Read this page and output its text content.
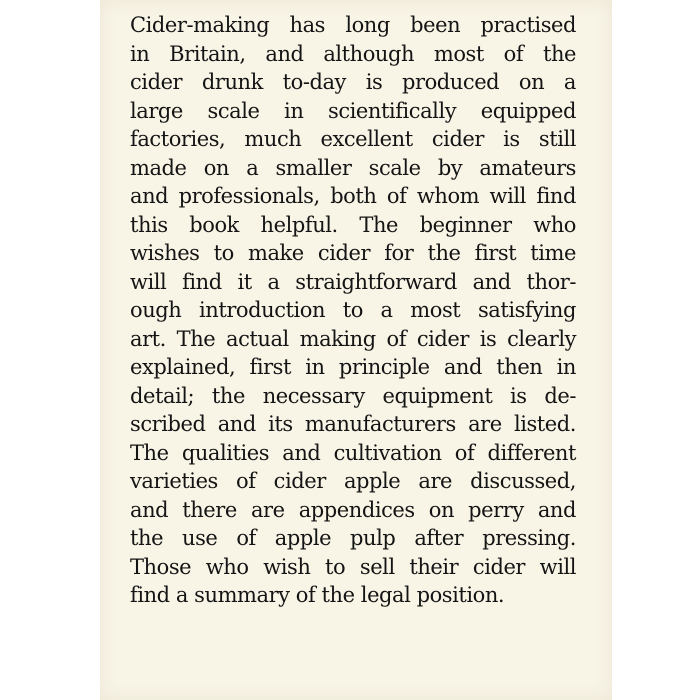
Cider-making has long been practised
in Britain, and although most of the
cider drunk to-day is produced on a
large scale in scientifically equipped
factories, much excellent cider is still
made on a smaller scale by amateurs
and professionals, both of whom will find
this book helpful. The beginner who
wishes to make cider for the first time
will find it a straightforward and thor-
ough introduction to a most satisfying
art. The actual making of cider is clearly
explained, first in principle and then in
detail; the necessary equipment is de-
scribed and its manufacturers are listed.
The qualities and cultivation of different
varieties of cider apple are discussed,
and there are appendices on perry and
the use of apple pulp after pressing.
Those who wish to sell their cider will
find a summary of the legal position.
